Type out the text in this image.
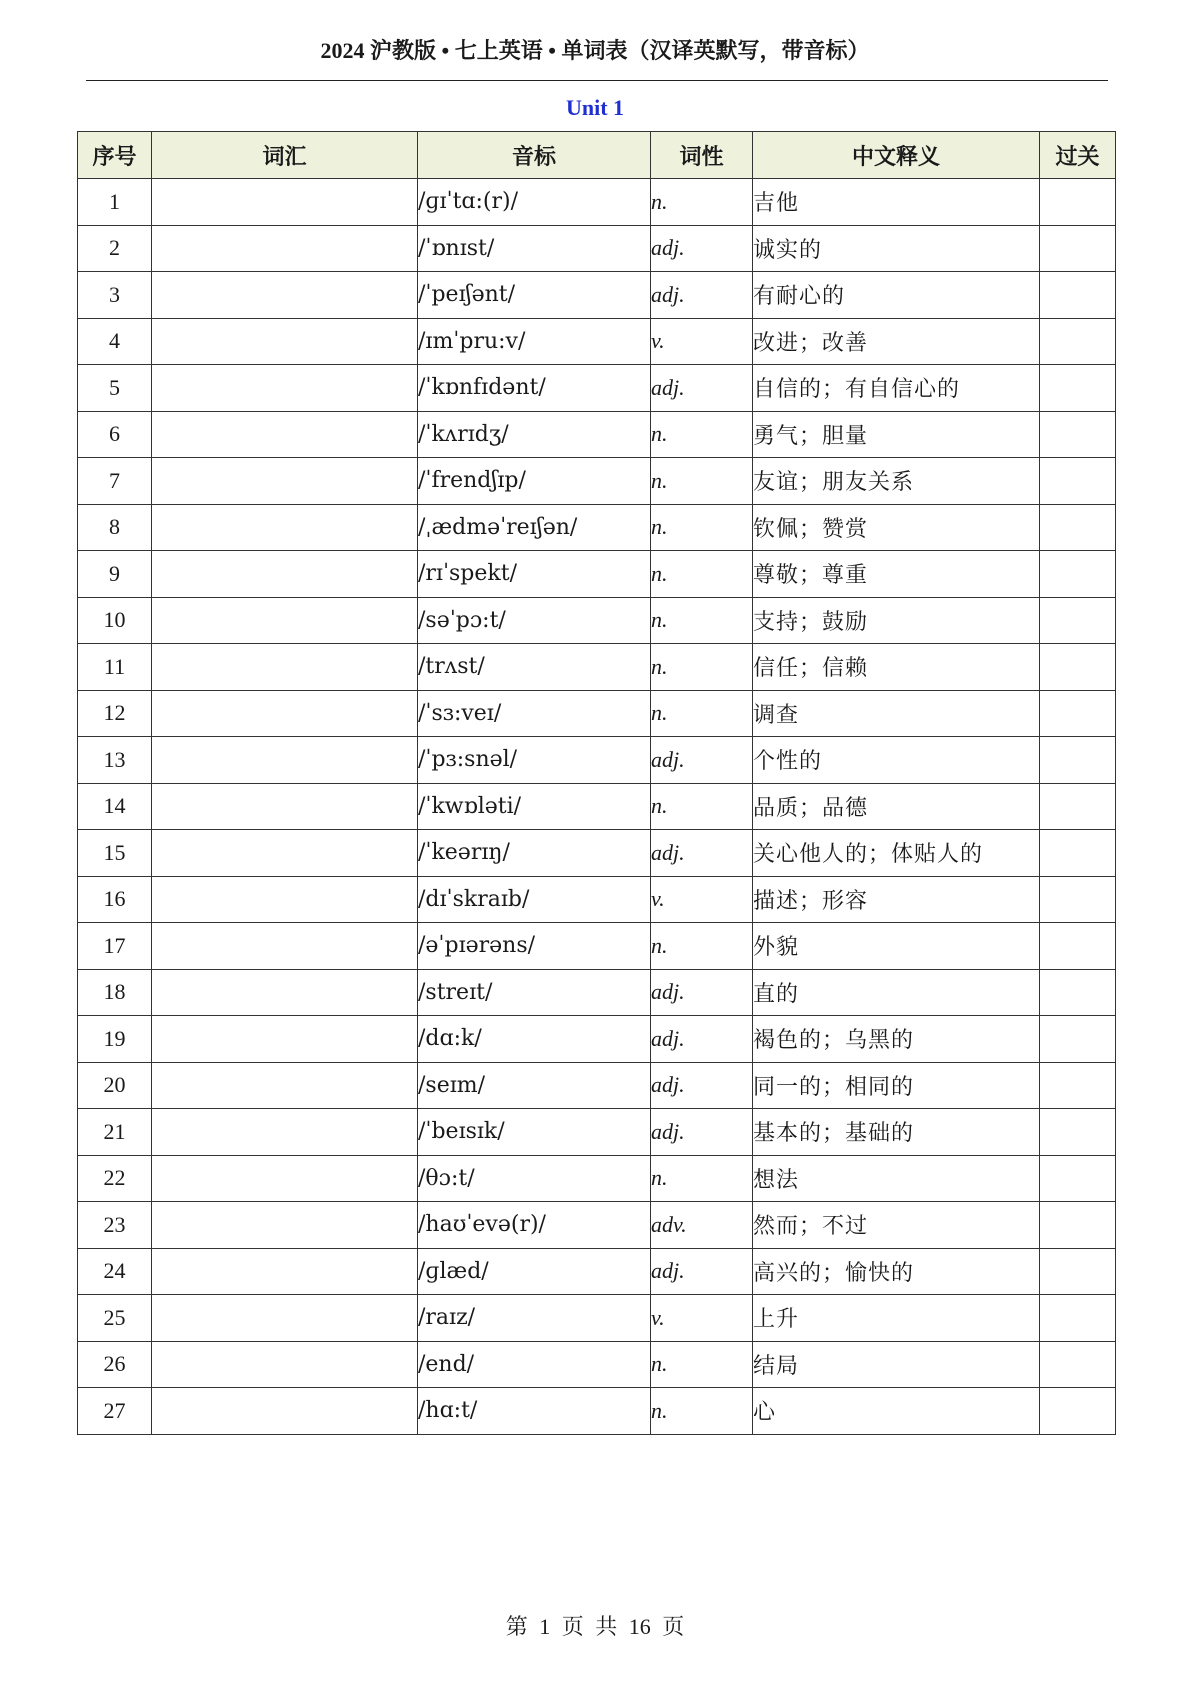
2024 沪教版 • 七上英语 • 单词表（汉译英默写，带音标）
Unit 1
序号	词汇	音标	词性	中文释义	过关
1		/ɡɪˈtɑ:(r)/	n.	吉他	
2		/ˈɒnɪst/	adj.	诚实的	
3		/ˈpeɪʃənt/	adj.	有耐心的	
4		/ɪmˈpru:v/	v.	改进；改善	
5		/ˈkɒnfɪdənt/	adj.	自信的；有自信心的	
6		/ˈkʌrɪdʒ/	n.	勇气；胆量	
7		/ˈfrendʃɪp/	n.	友谊；朋友关系	
8		/ˌædməˈreɪʃən/	n.	钦佩；赞赏	
9		/rɪˈspekt/	n.	尊敬；尊重	
10		/səˈpɔ:t/	n.	支持；鼓励	
11		/trʌst/	n.	信任；信赖	
12		/ˈsɜ:veɪ/	n.	调查	
13		/ˈpɜ:snəl/	adj.	个性的	
14		/ˈkwɒləti/	n.	品质；品德	
15		/ˈkeərɪŋ/	adj.	关心他人的；体贴人的	
16		/dɪˈskraɪb/	v.	描述；形容	
17		/əˈpɪərəns/	n.	外貌	
18		/streɪt/	adj.	直的	
19		/dɑ:k/	adj.	褐色的；乌黑的	
20		/seɪm/	adj.	同一的；相同的	
21		/ˈbeɪsɪk/	adj.	基本的；基础的	
22		/θɔ:t/	n.	想法	
23		/haʊˈevə(r)/	adv.	然而；不过	
24		/ɡlæd/	adj.	高兴的；愉快的	
25		/raɪz/	v.	上升	
26		/end/	n.	结局	
27		/hɑ:t/	n.	心	
第 1 页 共 16 页
